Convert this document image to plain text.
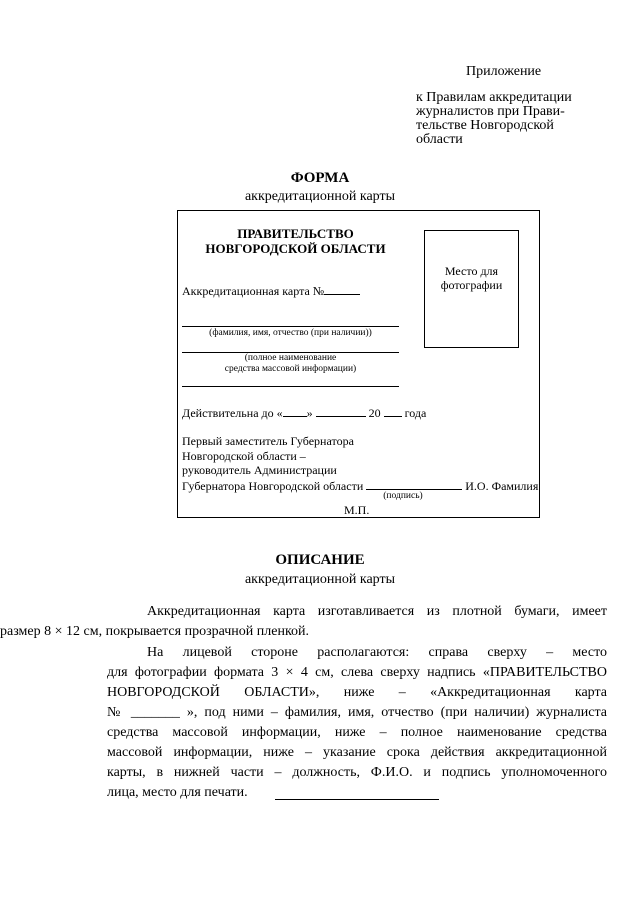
Приложение
к Правилам аккредитации
журналистов при Прави-
тельстве Новгородской
области
ФОРМА
аккредитационной карты
ПРАВИТЕЛЬСТВО
НОВГОРОДСКОЙ ОБЛАСТИ
Место для
фотографии
Аккредитационная карта №
(фамилия, имя, отчество (при наличии))
(полное наименование
средства массовой информации)
Действительна до « »	20 года
Первый заместитель Губернатора
Новгородской области –
руководитель Администрации
Губернатора Новгородской области	И.О. Фамилия
(подпись)
М.П.
ОПИСАНИЕ
аккредитационной карты
Аккредитационная карта изготавливается из плотной бумаги, имеет
размер 8 × 12 см, покрывается прозрачной пленкой.
На лицевой стороне располагаются: справа сверху – место
для фотографии формата 3 × 4 см, слева сверху надпись «ПРАВИТЕЛЬСТВО
НОВГОРОДСКОЙ ОБЛАСТИ», ниже – «Аккредитационная карта
№ _______ », под ними – фамилия, имя, отчество (при наличии) журналиста
средства массовой информации, ниже – полное наименование средства
массовой информации, ниже – указание срока действия аккредитационной
карты, в нижней части – должность, Ф.И.О. и подпись уполномоченного
лица, место для печати.
